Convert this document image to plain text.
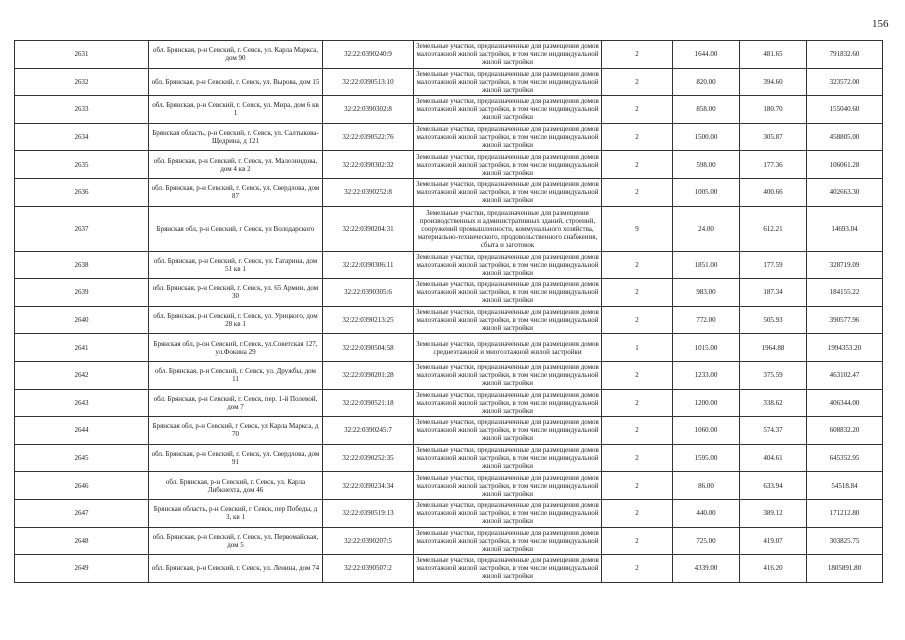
156
2631	обл. Брянская, р-н Севский, г. Севск, ул. Карла Маркса, дом 90	32:22:0390240:9	Земельные участки, предназначенные для размещения домов малоэтажной жилой застройки, в том числе индивидуальной жилой застройки	2	1644.00	481.65	791832.60
2632	обл. Брянская, р-н Севский, г. Севск, ул. Вырова, дом 15	32:22:0390513:10	Земельные участки, предназначенные для размещения домов малоэтажной жилой застройки, в том числе индивидуальной жилой застройки	2	820.00	394.60	323572.00
2633	обл. Брянская, р-н Севский, г. Севск, ул. Мира, дом 6 кв 1	32:22:0390302:8	Земельные участки, предназначенные для размещения домов малоэтажной жилой застройки, в том числе индивидуальной жилой застройки	2	858.00	180.70	155040.60
2634	Брянская область, р-н Севский, г. Севск, ул. Салтыкова-Щедрина, д 121	32:22:0390522:76	Земельные участки, предназначенные для размещения домов малоэтажной жилой застройки, в том числе индивидуальной жилой застройки	2	1500.00	305.87	458805.00
2635	обл. Брянская, р-н Севский, г. Севск, ул. Малоэнидова, дом 4 кв 2	32:22:0390302:32	Земельные участки, предназначенные для размещения домов малоэтажной жилой застройки, в том числе индивидуальной жилой застройки	2	598.00	177.36	106061.28
2636	обл. Брянская, р-н Севский, г. Севск, ул. Свердлова, дом 87	32:22:0390252:8	Земельные участки, предназначенные для размещения домов малоэтажной жилой застройки, в том числе индивидуальной жилой застройки	2	1005.00	400.66	402663.30
2637	Брянская обл, р-н Севский, г Севск, ул Володарского	32:22:0390204:31	Земельные участки, предназначенные для размещения производственных и административных зданий, строений, сооружений промышленности, коммунального хозяйства, материально-технического, продовольственного снабжения, сбыта и заготовок	9	24.00	612.21	14693.04
2638	обл. Брянская, р-н Севский, г. Севск, ул. Гагарина, дом 51 кв 1	32:22:0390306:11	Земельные участки, предназначенные для размещения домов малоэтажной жилой застройки, в том числе индивидуальной жилой застройки	2	1851.00	177.59	328719.09
2639	обл. Брянская, р-н Севский, г. Севск, ул. 65 Армии, дом 30	32:22:0390305:6	Земельные участки, предназначенные для размещения домов малоэтажной жилой застройки, в том числе индивидуальной жилой застройки	2	983.00	187.34	184155.22
2640	обл. Брянская, р-н Севский, г. Севск, ул. Урицкого, дом 28 кв 1	32:22:0390213:25	Земельные участки, предназначенные для размещения домов малоэтажной жилой застройки, в том числе индивидуальной жилой застройки	2	772.00	505.93	390577.96
2641	Брянская обл, р-он Севский, г.Севск, ул.Советская 127, ул.Фокина 29	32:22:0390504:58	Земельные участки, предназначенные для размещения домов среднеэтажной и многоэтажной жилой застройки	1	1015.00	1964.88	1994353.20
2642	обл. Брянская, р-н Севский, г. Севск, ул. Дружбы, дом 11	32:22:0390201:28	Земельные участки, предназначенные для размещения домов малоэтажной жилой застройки, в том числе индивидуальной жилой застройки	2	1233.00	375.59	463102.47
2643	обл. Брянская, р-н Севский, г. Севск, пер. 1-й Полевой, дом 7	32:22:0390521:18	Земельные участки, предназначенные для размещения домов малоэтажной жилой застройки, в том числе индивидуальной жилой застройки	2	1200.00	338.62	406344.00
2644	Брянская обл, р-н Севский, г Севск, ул Карла Маркса, д 70	32:22:0390245:7	Земельные участки, предназначенные для размещения домов малоэтажной жилой застройки, в том числе индивидуальной жилой застройки	2	1060.00	574.37	608832.20
2645	обл. Брянская, р-н Севский, г. Севск, ул. Свердлова, дом 91	32:22:0390252:35	Земельные участки, предназначенные для размещения домов малоэтажной жилой застройки, в том числе индивидуальной жилой застройки	2	1595.00	404.61	645352.95
2646	обл. Брянская, р-н Севский, г. Севск, ул. Карла Либкнехта, дом 46	32:22:0390234:34	Земельные участки, предназначенные для размещения домов малоэтажной жилой застройки, в том числе индивидуальной жилой застройки	2	86.00	633.94	54518.84
2647	Брянская область, р-н Севский, г Севск, пер Победы, д 3, кв 1	32:22:0390519:13	Земельные участки, предназначенные для размещения домов малоэтажной жилой застройки, в том числе индивидуальной жилой застройки	2	440.00	389.12	171212.80
2648	обл. Брянская, р-н Севский, г. Севск, ул. Первомайская, дом 5	32:22:0390207:5	Земельные участки, предназначенные для размещения домов малоэтажной жилой застройки, в том числе индивидуальной жилой застройки	2	725.00	419.07	303825.75
2649	обл. Брянская, р-н Севский, г. Севск, ул. Ленина, дом 74	32:22:0390507:2	Земельные участки, предназначенные для размещения домов малоэтажной жилой застройки, в том числе индивидуальной жилой застройки	2	4339.00	416.20	1805891.80
